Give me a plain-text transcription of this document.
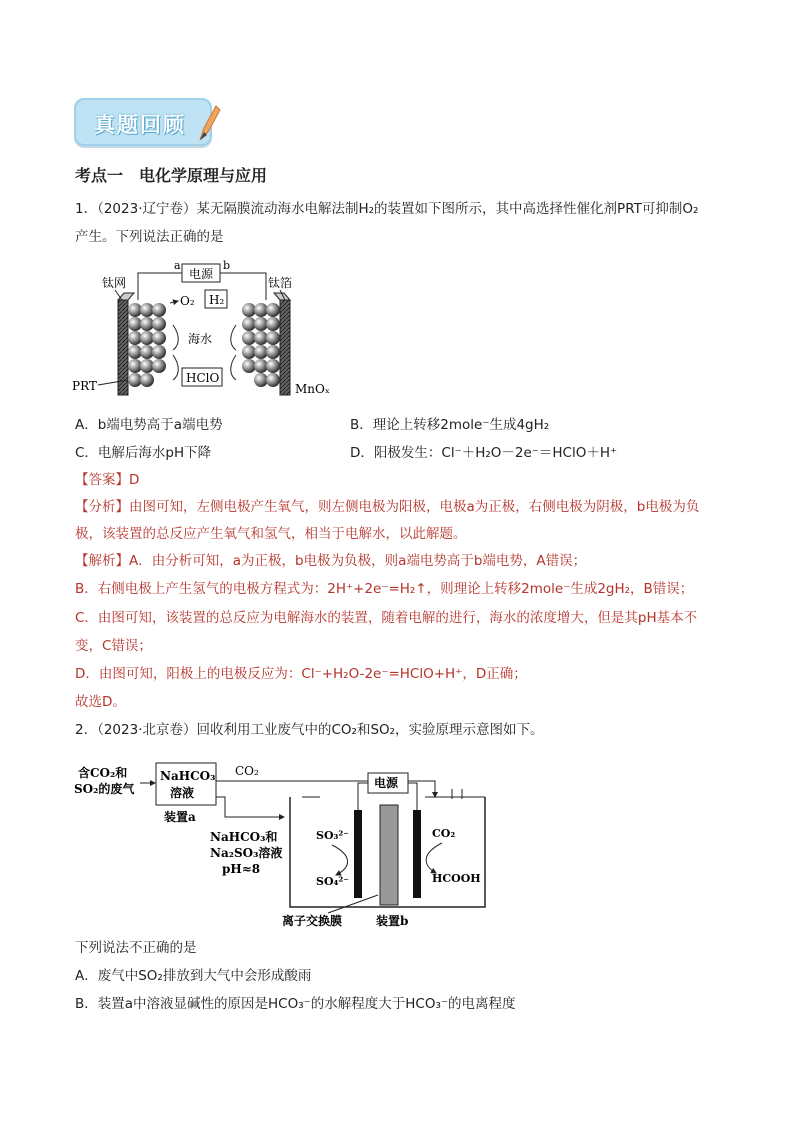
真题回顾
考点一　电化学原理与应用
1．（2023·辽宁卷）某无隔膜流动海水电解法制H₂的装置如下图所示，其中高选择性催化剂PRT可抑制O₂
产生。下列说法正确的是
电源
a	b
钛网	钛箔
O₂ H₂
海水
HClO
PRT	MnOₓ
A．b端电势高于a端电势	B．理论上转移2mole⁻生成4gH₂
C．电解后海水pH下降	D．阳极发生：Cl⁻＋H₂O－2e⁻＝HClO＋H⁺
【答案】D
【分析】由图可知，左侧电极产生氧气，则左侧电极为阳极，电极a为正极，右侧电极为阴极，b电极为负
极，该装置的总反应产生氧气和氢气，相当于电解水，以此解题。
【解析】A．由分析可知，a为正极，b电极为负极，则a端电势高于b端电势，A错误；
B．右侧电极上产生氢气的电极方程式为：2H⁺+2e⁻=H₂↑，则理论上转移2mole⁻生成2gH₂，B错误；
C．由图可知，该装置的总反应为电解海水的装置，随着电解的进行，海水的浓度增大，但是其pH基本不
变，C错误；
D．由图可知，阳极上的电极反应为：Cl⁻+H₂O-2e⁻=HClO+H⁺，D正确；
故选D。
2．（2023·北京卷）回收利用工业废气中的CO₂和SO₂，实验原理示意图如下。
含CO₂和
SO₂的废气
NaHCO₃
溶液
装置a
CO₂
NaHCO₃和
Na₂SO₃溶液
pH≈8
电源
SO₃²⁻
SO₄²⁻
CO₂
HCOOH
离子交换膜	装置b
下列说法不正确的是
A．废气中SO₂排放到大气中会形成酸雨
B．装置a中溶液显碱性的原因是HCO₃⁻的水解程度大于HCO₃⁻的电离程度
